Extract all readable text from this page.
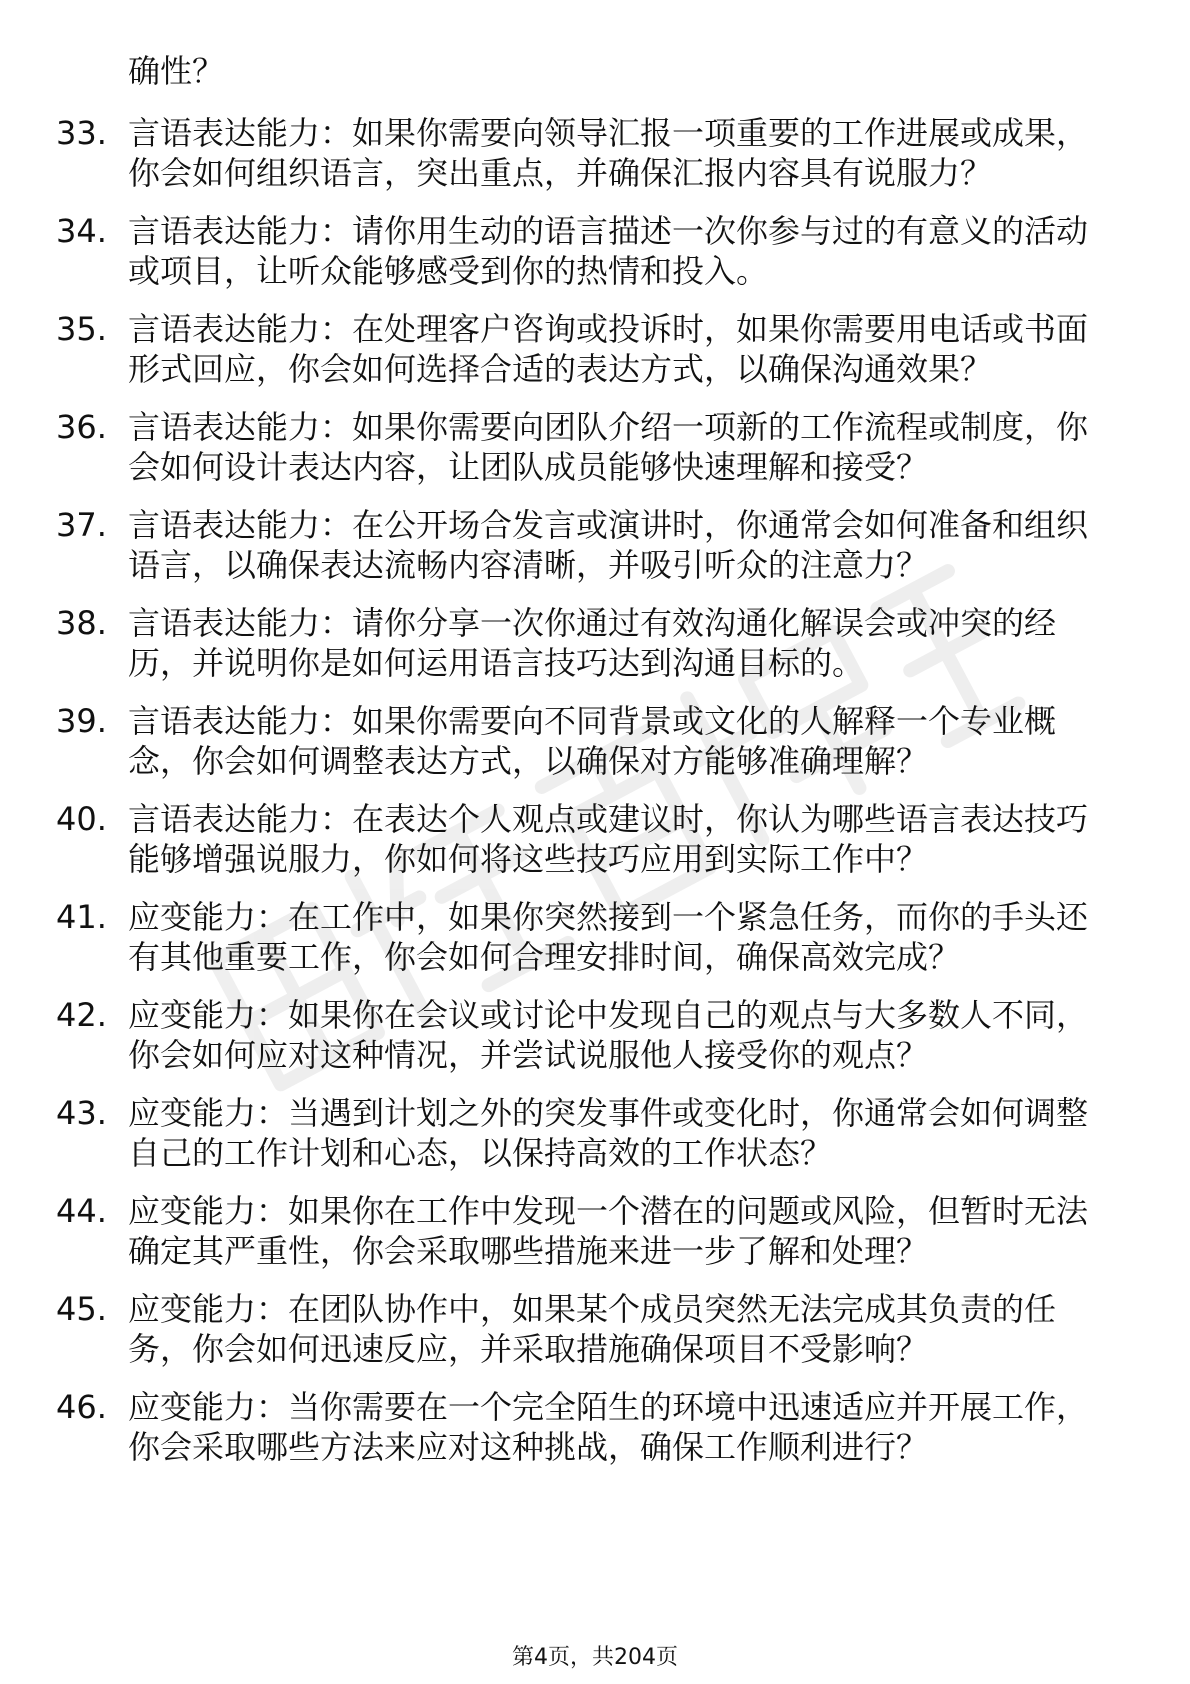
确性？
33. 言语表达能力：如果你需要向领导汇报一项重要的工作进展或成果，你会如何组织语言，突出重点，并确保汇报内容具有说服力？
34. 言语表达能力：请你用生动的语言描述一次你参与过的有意义的活动或项目，让听众能够感受到你的热情和投入。
35. 言语表达能力：在处理客户咨询或投诉时，如果你需要用电话或书面形式回应，你会如何选择合适的表达方式，以确保沟通效果？
36. 言语表达能力：如果你需要向团队介绍一项新的工作流程或制度，你会如何设计表达内容，让团队成员能够快速理解和接受？
37. 言语表达能力：在公开场合发言或演讲时，你通常会如何准备和组织语言，以确保表达流畅内容清晰，并吸引听众的注意力？
38. 言语表达能力：请你分享一次你通过有效沟通化解误会或冲突的经历，并说明你是如何运用语言技巧达到沟通目标的。
39. 言语表达能力：如果你需要向不同背景或文化的人解释一个专业概念，你会如何调整表达方式，以确保对方能够准确理解？
40. 言语表达能力：在表达个人观点或建议时，你认为哪些语言表达技巧能够增强说服力，你如何将这些技巧应用到实际工作中？
41. 应变能力：在工作中，如果你突然接到一个紧急任务，而你的手头还有其他重要工作，你会如何合理安排时间，确保高效完成？
42. 应变能力：如果你在会议或讨论中发现自己的观点与大多数人不同，你会如何应对这种情况，并尝试说服他人接受你的观点？
43. 应变能力：当遇到计划之外的突发事件或变化时，你通常会如何调整自己的工作计划和心态，以保持高效的工作状态？
44. 应变能力：如果你在工作中发现一个潜在的问题或风险，但暂时无法确定其严重性，你会采取哪些措施来进一步了解和处理？
45. 应变能力：在团队协作中，如果某个成员突然无法完成其负责的任务，你会如何迅速反应，并采取措施确保项目不受影响？
46. 应变能力：当你需要在一个完全陌生的环境中迅速适应并开展工作，你会采取哪些方法来应对这种挑战，确保工作顺利进行？
第4页，共204页
